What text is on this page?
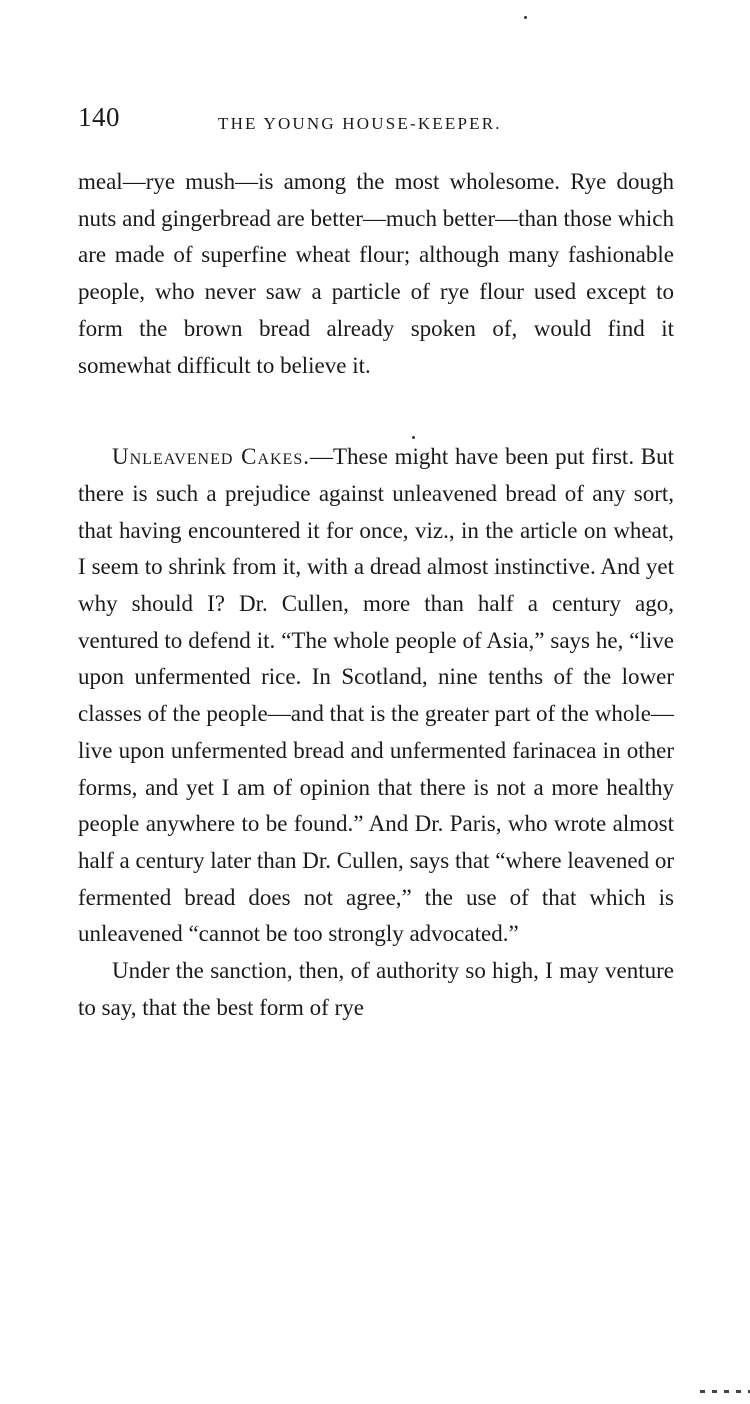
140	THE YOUNG HOUSE-KEEPER.

meal—rye mush—is among the most wholesome. Rye dough nuts and gingerbread are better—much better—than those which are made of superfine wheat flour; although many fashionable people, who never saw a particle of rye flour used except to form the brown bread already spoken of, would find it somewhat difficult to believe it.

Unleavened Cakes.—These might have been put first. But there is such a prejudice against unleavened bread of any sort, that having encountered it for once, viz., in the article on wheat, I seem to shrink from it, with a dread almost instinctive. And yet why should I? Dr. Cullen, more than half a century ago, ventured to defend it. “The whole people of Asia,” says he, “live upon unfermented rice. In Scotland, nine tenths of the lower classes of the people—and that is the greater part of the whole—live upon unfermented bread and unfermented farinacea in other forms, and yet I am of opinion that there is not a more healthy people anywhere to be found.” And Dr. Paris, who wrote almost half a century later than Dr. Cullen, says that “where leavened or fermented bread does not agree,” the use of that which is unleavened “cannot be too strongly advocated.”

Under the sanction, then, of authority so high, I may venture to say, that the best form of rye
